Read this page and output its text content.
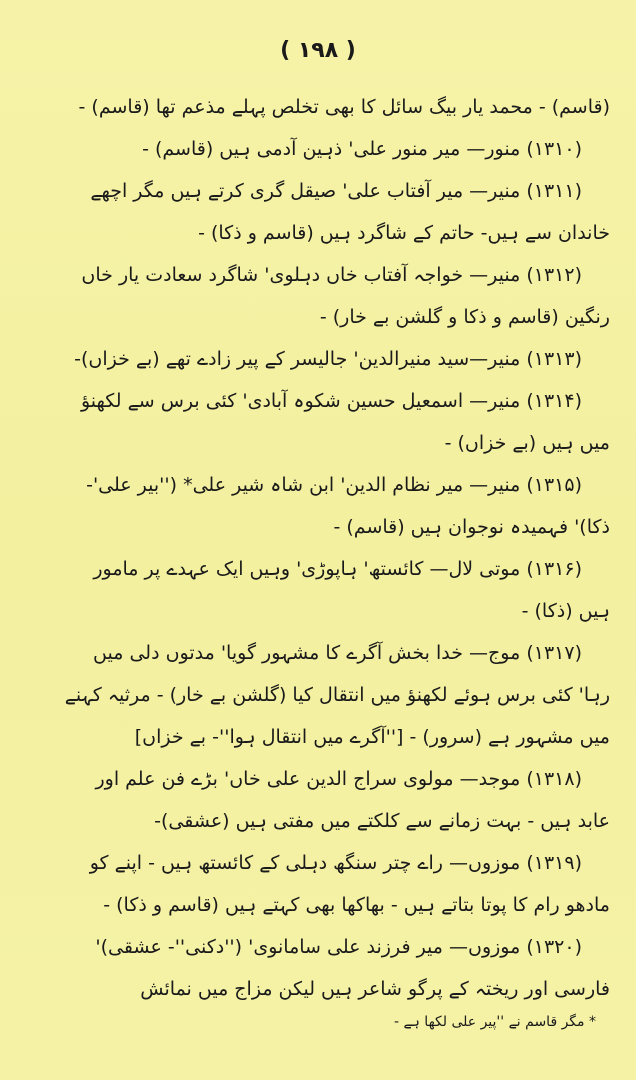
( ۱۹۸ )
(قاسم) - محمد یار بیگ سائل کا بھی تخلص پہلے مذعم تھا (قاسم) -
(۱۳۱۰) منور— میر منور علی' ذہین آدمی ہیں (قاسم) -
(۱۳۱۱) منیر— میر آفتاب علی' صیقل گری کرتے ہیں مگر اچھے
خاندان سے ہیں- حاتم کے شاگرد ہیں (قاسم و ذکا) -
(۱۳۱۲) منیر— خواجہ آفتاب خاں دہلوی' شاگرد سعادت یار خاں
رنگین (قاسم و ذکا و گلشن بے خار) -
(۱۳۱۳) منیر—سید منیرالدین' جالیسر کے پیر زادے تھے (بے خزاں)-
(۱۳۱۴) منیر— اسمعیل حسین شکوہ آبادی' کئی برس سے لکھنؤ
میں ہیں (بے خزاں) -
(۱۳۱۵) منیر— میر نظام الدین' ابن شاہ شیر علی* (''بیر علی'-
ذکا)' فہمیدہ نوجوان ہیں (قاسم) -
(۱۳۱۶) موتی لال— کائستھ' ہاپوڑی' وہیں ایک عہدے پر مامور
ہیں (ذکا) -
(۱۳۱۷) موج— خدا بخش آگرے کا مشہور گویا' مدتوں دلی میں
رہا' کئی برس ہوئے لکھنؤ میں انتقال کیا (گلشن بے خار) - مرثیہ کہنے
میں مشہور ہے (سرور) - [''آگرے میں انتقال ہوا''- بے خزاں]
(۱۳۱۸) موجد— مولوی سراج الدین علی خاں' بڑے فن علم اور
عابد ہیں - بہت زمانے سے کلکتے میں مفتی ہیں (عشقی)-
(۱۳۱۹) موزوں— راے چتر سنگھ دہلی کے کائستھ ہیں - اپنے کو
مادھو رام کا پوتا بتاتے ہیں - بھاکھا بھی کہتے ہیں (قاسم و ذکا) -
(۱۳۲۰) موزوں— میر فرزند علی سامانوی' (''دکنی''- عشقی)'
فارسی اور ریختہ کے پرگو شاعر ہیں لیکن مزاج میں نمائش
* مگر قاسم نے ''پیر علی لکھا ہے -
